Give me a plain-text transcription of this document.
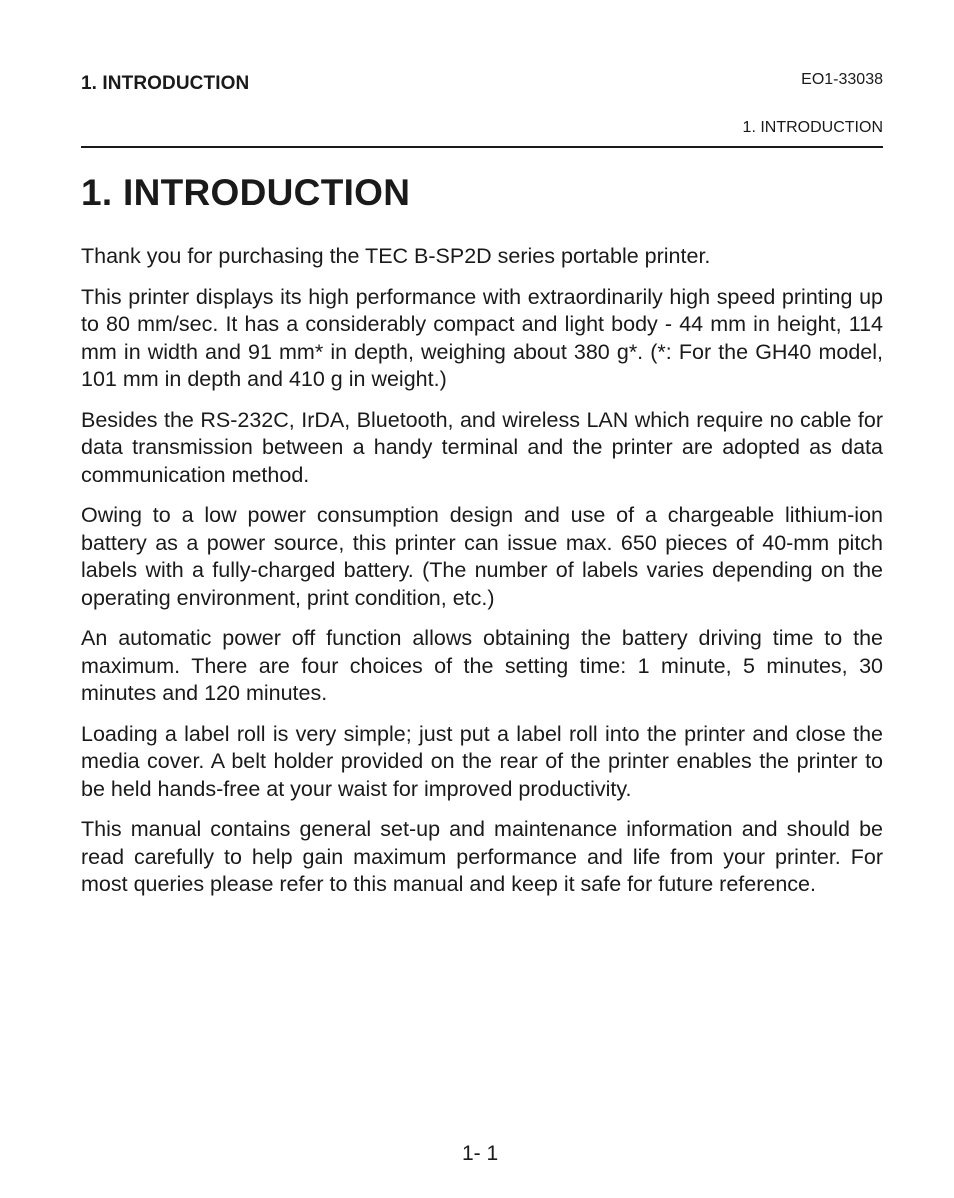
1. INTRODUCTION	EO1-33038
1. INTRODUCTION
1. INTRODUCTION

Thank you for purchasing the TEC B-SP2D series portable printer.

This printer displays its high performance with extraordinarily high speed printing up to 80 mm/sec. It has a considerably compact and light body - 44 mm in height, 114 mm in width and 91 mm* in depth, weighing about 380 g*. (*: For the GH40 model, 101 mm in depth and 410 g in weight.)

Besides the RS-232C, IrDA, Bluetooth, and wireless LAN which require no cable for data transmission between a handy terminal and the printer are adopted as data communication method.

Owing to a low power consumption design and use of a chargeable lithium-ion battery as a power source, this printer can issue max. 650 pieces of 40-mm pitch labels with a fully-charged battery. (The number of labels varies depending on the operating environment, print condition, etc.)

An automatic power off function allows obtaining the battery driving time to the maximum. There are four choices of the setting time: 1 minute, 5 minutes, 30 minutes and 120 minutes.

Loading a label roll is very simple; just put a label roll into the printer and close the media cover. A belt holder provided on the rear of the printer enables the printer to be held hands-free at your waist for improved productivity.

This manual contains general set-up and maintenance information and should be read carefully to help gain maximum performance and life from your printer. For most queries please refer to this manual and keep it safe for future reference.

1- 1
